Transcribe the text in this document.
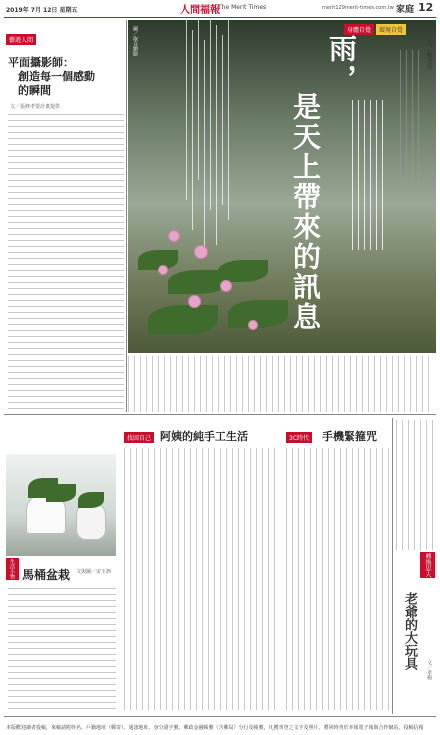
2019年 7月 12日 星期五	人間福報
The Merit Times	merit129merit-times.com.tw 家庭 12
藝遊人間
平面攝影師：
創造每一個感動
的瞬間
文／張修孝要計畫提供
圖／取自網路	身體自覺	環境自覺
雨，
是天上帶來的訊息
文／鄭美玲
找回自己 阿姨的純手工生活	3C時代 手機緊箍咒
生活小物 馬桶盆栽 文與圖／宋玉泗	轉換思人
老爺的大玩具	文／孝梅
本版歡迎讀者投稿，來稿請附姓名、戶籍地址（郵寄）、通訊地址、身分證字號、郵政金融帳號（含郵局）分行及帳號，凡獲刊登之文字及照片，將同時刊於本報電子報與合作網站。投稿信箱
